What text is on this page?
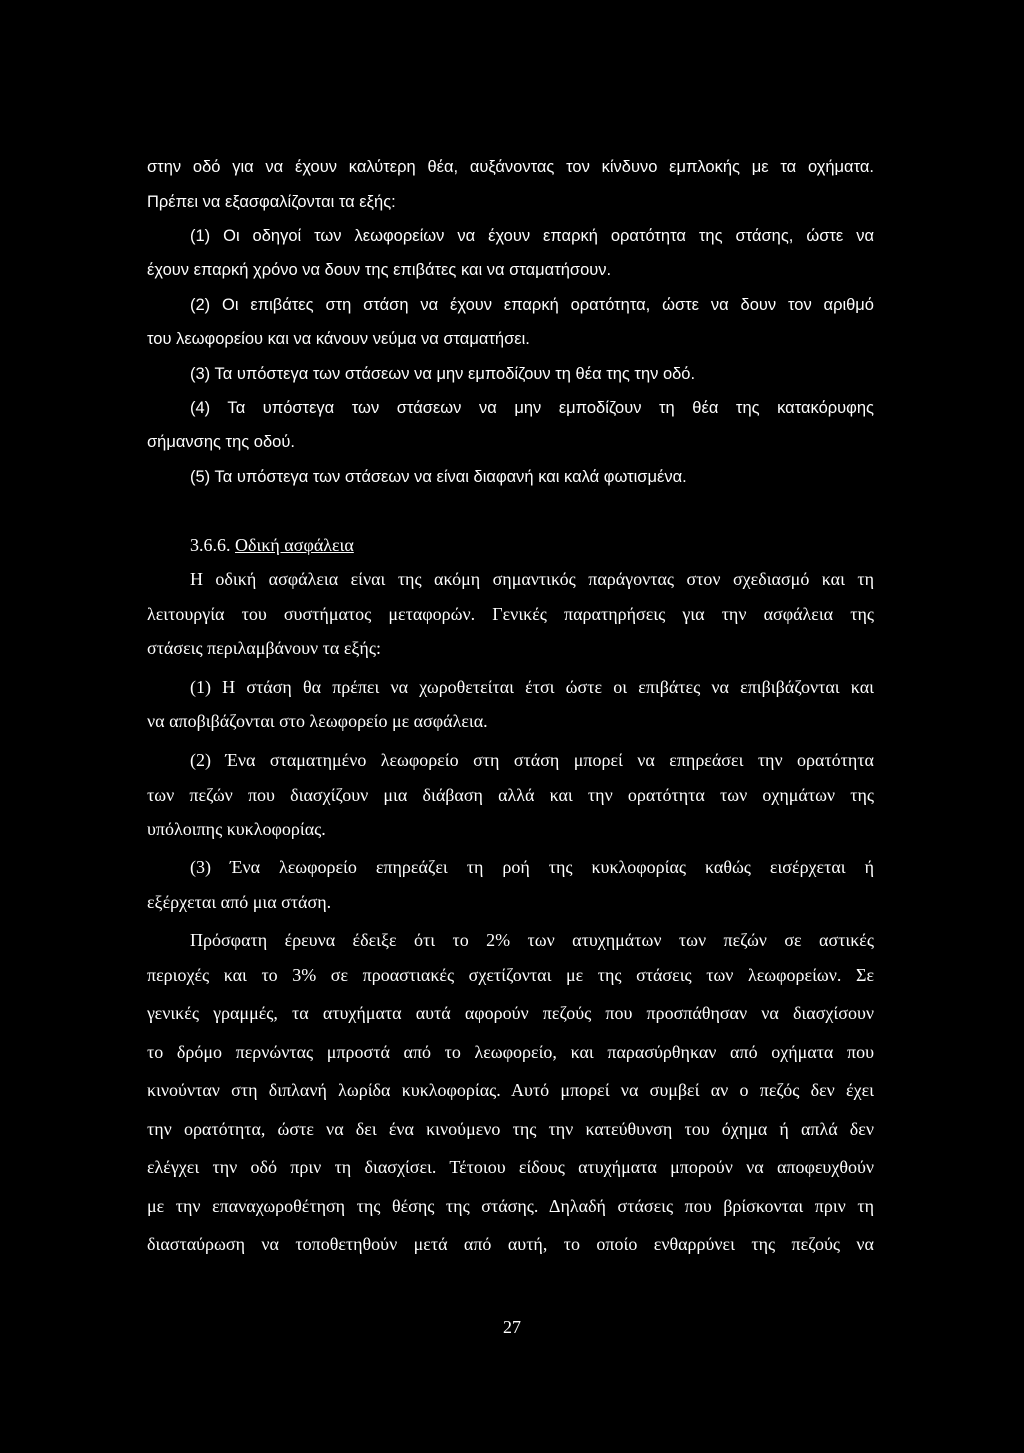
στην οδό για να έχουν καλύτερη θέα, αυξάνοντας τον κίνδυνο εμπλοκής με τα οχήματα.
Πρέπει να εξασφαλίζονται τα εξής:
(1) Οι οδηγοί των λεωφορείων να έχουν επαρκή ορατότητα της στάσης, ώστε να
έχουν επαρκή χρόνο να δουν της επιβάτες και να σταματήσουν.
(2) Οι επιβάτες στη στάση να έχουν επαρκή ορατότητα, ώστε να δουν τον αριθμό
του λεωφορείου και να κάνουν νεύμα να σταματήσει.
(3) Τα υπόστεγα των στάσεων να μην εμποδίζουν τη θέα της την οδό.
(4) Τα υπόστεγα των στάσεων να μην εμποδίζουν τη θέα της κατακόρυφης
σήμανσης της οδού.
(5) Τα υπόστεγα των στάσεων να είναι διαφανή και καλά φωτισμένα.
3.6.6. Οδική ασφάλεια
Η οδική ασφάλεια είναι της ακόμη σημαντικός παράγοντας στον σχεδιασμό και τη
λειτουργία του συστήματος μεταφορών. Γενικές παρατηρήσεις για την ασφάλεια της
στάσεις περιλαμβάνουν τα εξής:
(1) Η στάση θα πρέπει να χωροθετείται έτσι ώστε οι επιβάτες να επιβιβάζονται και
να αποβιβάζονται στο λεωφορείο με ασφάλεια.
(2) Ένα σταματημένο λεωφορείο στη στάση μπορεί να επηρεάσει την ορατότητα
των πεζών που διασχίζουν μια διάβαση αλλά και την ορατότητα των οχημάτων της
υπόλοιπης κυκλοφορίας.
(3) Ένα λεωφορείο επηρεάζει τη ροή της κυκλοφορίας καθώς εισέρχεται ή
εξέρχεται από μια στάση.
Πρόσφατη έρευνα έδειξε ότι το 2% των ατυχημάτων των πεζών σε αστικές
περιοχές και το 3% σε προαστιακές σχετίζονται με της στάσεις των λεωφορείων. Σε
γενικές γραμμές, τα ατυχήματα αυτά αφορούν πεζούς που προσπάθησαν να διασχίσουν
το δρόμο περνώντας μπροστά από το λεωφορείο, και παρασύρθηκαν από οχήματα που
κινούνταν στη διπλανή λωρίδα κυκλοφορίας. Αυτό μπορεί να συμβεί αν ο πεζός δεν έχει
την ορατότητα, ώστε να δει ένα κινούμενο της την κατεύθυνση του όχημα ή απλά δεν
ελέγχει την οδό πριν τη διασχίσει. Τέτοιου είδους ατυχήματα μπορούν να αποφευχθούν
με την επαναχωροθέτηση της θέσης της στάσης. Δηλαδή στάσεις που βρίσκονται πριν τη
διασταύρωση να τοποθετηθούν μετά από αυτή, το οποίο ενθαρρύνει της πεζούς να
27
